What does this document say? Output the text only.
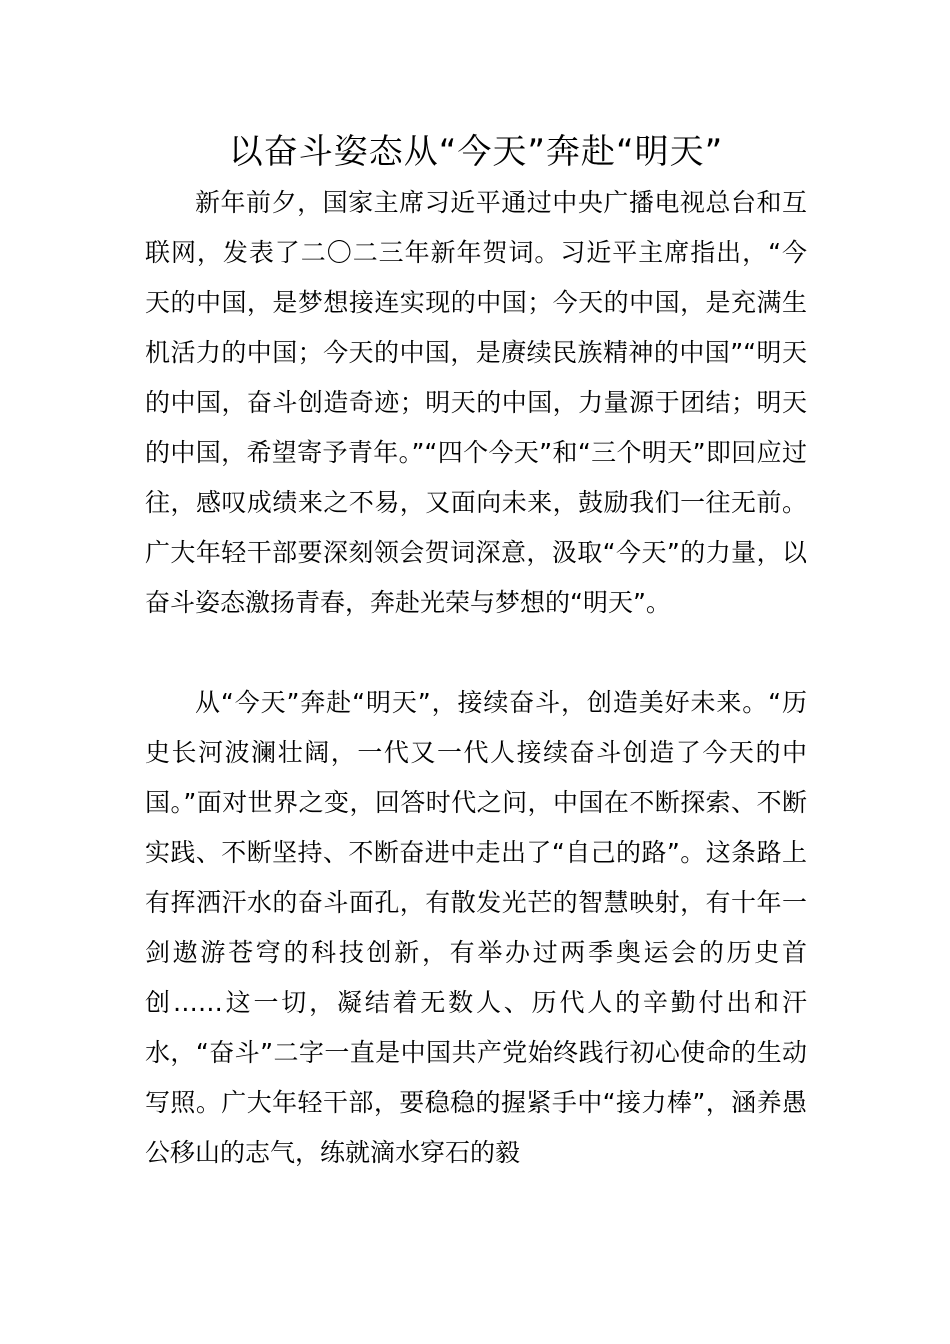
以奋斗姿态从“今天”奔赴“明天”

新年前夕，国家主席习近平通过中央广播电视总台和互联网，发表了二〇二三年新年贺词。习近平主席指出，“今天的中国，是梦想接连实现的中国；今天的中国，是充满生机活力的中国；今天的中国，是赓续民族精神的中国”“明天的中国，奋斗创造奇迹；明天的中国，力量源于团结；明天的中国，希望寄予青年。”“四个今天”和“三个明天”即回应过往，感叹成绩来之不易，又面向未来，鼓励我们一往无前。广大年轻干部要深刻领会贺词深意，汲取“今天”的力量，以奋斗姿态激扬青春，奔赴光荣与梦想的“明天”。

从“今天”奔赴“明天”，接续奋斗，创造美好未来。“历史长河波澜壮阔，一代又一代人接续奋斗创造了今天的中国。”面对世界之变，回答时代之问，中国在不断探索、不断实践、不断坚持、不断奋进中走出了“自己的路”。这条路上有挥洒汗水的奋斗面孔，有散发光芒的智慧映射，有十年一剑遨游苍穹的科技创新，有举办过两季奥运会的历史首创……这一切，凝结着无数人、历代人的辛勤付出和汗水，“奋斗”二字一直是中国共产党始终践行初心使命的生动写照。广大年轻干部，要稳稳的握紧手中“接力棒”，涵养愚公移山的志气，练就滴水穿石的毅
